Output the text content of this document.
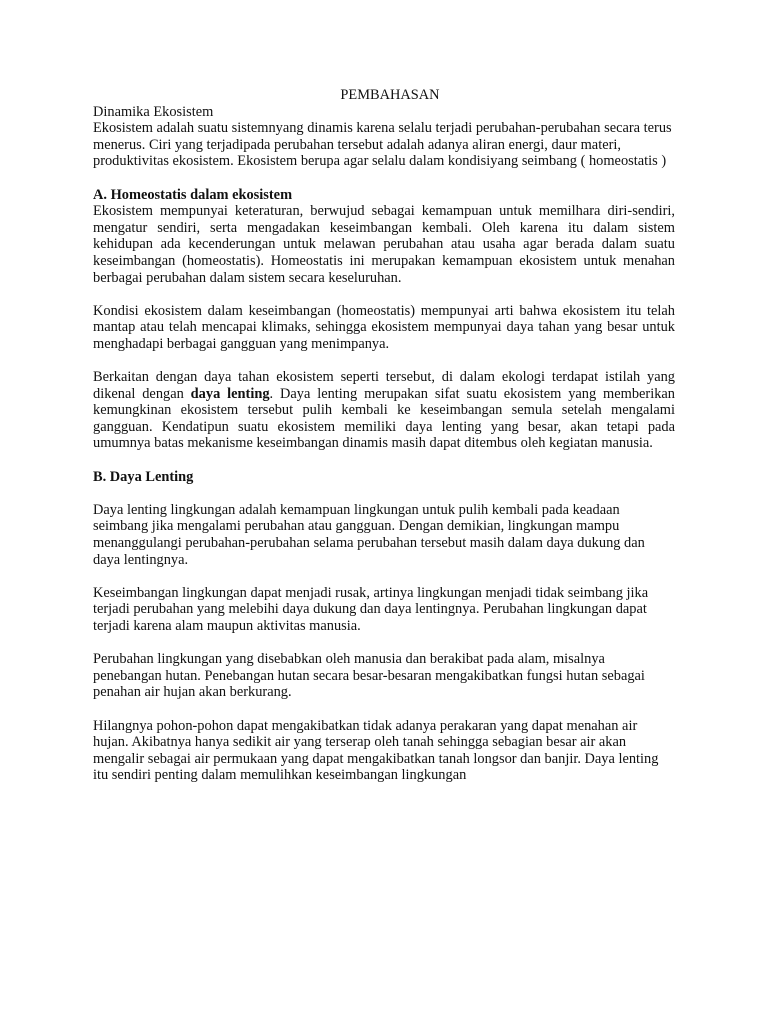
PEMBAHASAN
Dinamika Ekosistem

Ekosistem adalah suatu sistemnyang dinamis karena selalu terjadi perubahan-perubahan secara terus menerus. Ciri yang terjadipada perubahan tersebut adalah adanya aliran energi, daur materi, produktivitas ekosistem. Ekosistem berupa agar selalu dalam kondisiyang seimbang ( homeostatis )

A. Homeostatis dalam ekosistem

Ekosistem mempunyai keteraturan, berwujud sebagai kemampuan untuk memilhara diri-sendiri, mengatur sendiri, serta mengadakan keseimbangan kembali. Oleh karena itu dalam sistem kehidupan ada kecenderungan untuk melawan perubahan atau usaha agar berada dalam suatu keseimbangan (homeostatis). Homeostatis ini merupakan kemampuan ekosistem untuk menahan berbagai perubahan dalam sistem secara keseluruhan.

Kondisi ekosistem dalam keseimbangan (homeostatis) mempunyai arti bahwa ekosistem itu telah mantap atau telah mencapai klimaks, sehingga ekosistem mempunyai daya tahan yang besar untuk menghadapi berbagai gangguan yang menimpanya.

Berkaitan dengan daya tahan ekosistem seperti tersebut, di dalam ekologi terdapat istilah yang dikenal dengan daya lenting. Daya lenting merupakan sifat suatu ekosistem yang memberikan kemungkinan ekosistem tersebut pulih kembali ke keseimbangan semula setelah mengalami gangguan. Kendatipun suatu ekosistem memiliki daya lenting yang besar, akan tetapi pada umumnya batas mekanisme keseimbangan dinamis masih dapat ditembus oleh kegiatan manusia.

B. Daya Lenting

Daya lenting lingkungan adalah kemampuan lingkungan untuk pulih kembali pada keadaan seimbang jika mengalami perubahan atau gangguan. Dengan demikian, lingkungan mampu menanggulangi perubahan-perubahan selama perubahan tersebut masih dalam daya dukung dan daya lentingnya.

Keseimbangan lingkungan dapat menjadi rusak, artinya lingkungan menjadi tidak seimbang jika terjadi perubahan yang melebihi daya dukung dan daya lentingnya. Perubahan lingkungan dapat terjadi karena alam maupun aktivitas manusia.

Perubahan lingkungan yang disebabkan oleh manusia dan berakibat pada alam, misalnya penebangan hutan. Penebangan hutan secara besar-besaran mengakibatkan fungsi hutan sebagai penahan air hujan akan berkurang.

Hilangnya pohon-pohon dapat mengakibatkan tidak adanya perakaran yang dapat menahan air hujan. Akibatnya hanya sedikit air yang terserap oleh tanah sehingga sebagian besar air akan mengalir sebagai air permukaan yang dapat mengakibatkan tanah longsor dan banjir. Daya lenting itu sendiri penting dalam memulihkan keseimbangan lingkungan
